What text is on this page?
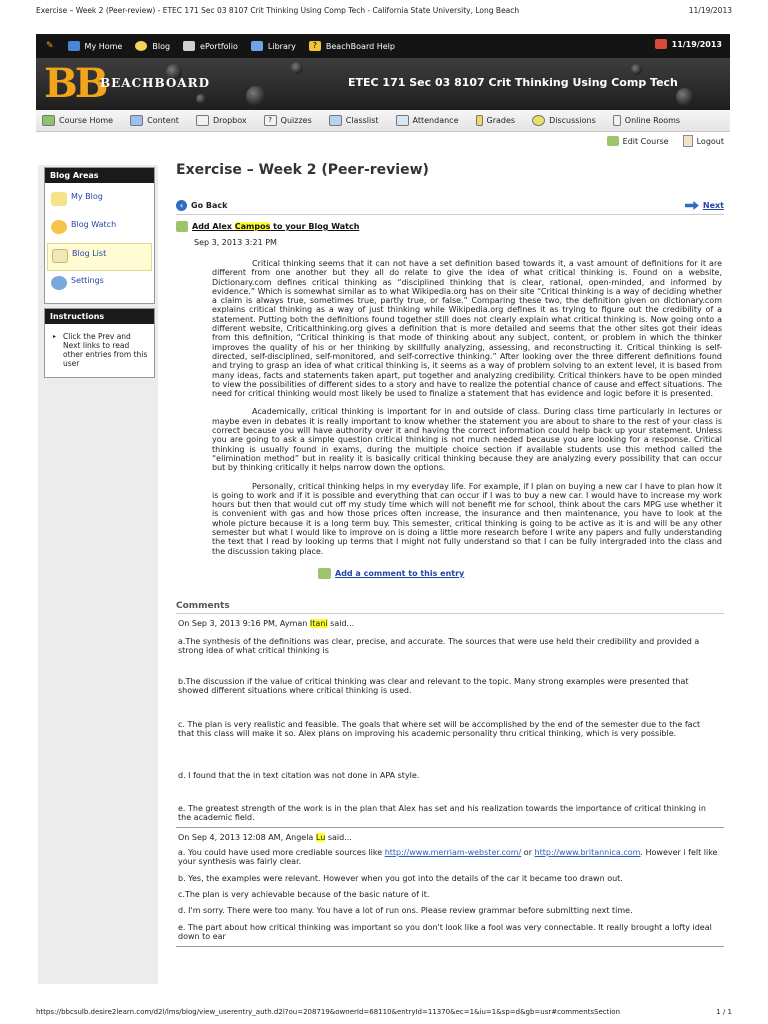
Exercise – Week 2 (Peer-review) - ETEC 171 Sec 03 8107 Crit Thinking Using Comp Tech - California State University, Long Beach	11/19/2013
✎	My Home	Blog	ePortfolio	Library	?	BeachBoard Help	11/19/2013
BB
BEACHBOARD	ETEC 171 Sec 03 8107 Crit Thinking Using Comp Tech
Course Home	Content	Dropbox	?	Quizzes	Classlist	Attendance	Grades	Discussions	Online Rooms
Edit Course	Logout
Blog Areas
My Blog
Blog Watch
Blog List
Settings
Instructions
▸ Click the Prev and Next links to read other entries from this user
Exercise – Week 2 (Peer-review)
‹ Go Back	Next
Add Alex Campos to your Blog Watch
Sep 3, 2013 3:21 PM

Critical thinking seems that it can not have a set definition based towards it, a vast amount of definitions for it are different from one another but they all do relate to give the idea of what critical thinking is. Found on a website, Dictionary.com defines critical thinking as “disciplined thinking that is clear, rational, open-minded, and informed by evidence.” Which is somewhat similar as to what Wikipedia.org has on their site “Critical thinking is a way of deciding whether a claim is always true, sometimes true, partly true, or false.” Comparing these two, the definition given on dictionary.com explains critical thinking as a way of just thinking while Wikipedia.org defines it as trying to figure out the credibility of a statement. Putting both the definitions found together still does not clearly explain what critical thinking is. Now going onto a different website, Criticalthinking.org gives a definition that is more detailed and seems that the other sites got their ideas from this definition, “Critical thinking is that mode of thinking about any subject, content, or problem in which the thinker improves the quality of his or her thinking by skillfully analyzing, assessing, and reconstructing it. Critical thinking is self-directed, self-disciplined, self-monitored, and self-corrective thinking.” After looking over the three different definitions found and trying to grasp an idea of what critical thinking is, it seems as a way of problem solving to an extent level, it is based from many ideas, facts and statements taken apart, put together and analyzing credibility. Critical thinkers have to be open minded to view the possibilities of different sides to a story and have to realize the potential chance of cause and effect situations. The need for critical thinking would most likely be used to finalize a statement that has evidence and logic before it is presented.

Academically, critical thinking is important for in and outside of class. During class time particularly in lectures or maybe even in debates it is really important to know whether the statement you are about to share to the rest of your class is correct because you will have authority over it and having the correct information could help back up your statement. Unless you are going to ask a simple question critical thinking is not much needed because you are looking for a response. Critical thinking is usually found in exams, during the multiple choice section if available students use this method called the “elimination method” but in reality it is basically critical thinking because they are analyzing every possibility that can occur but by thinking critically it helps narrow down the options.

Personally, critical thinking helps in my everyday life. For example, if I plan on buying a new car I have to plan how it is going to work and if it is possible and everything that can occur if I was to buy a new car. I would have to increase my work hours but then that would cut off my study time which will not benefit me for school, think about the cars MPG use whether it is convenient with gas and how those prices often increase, the insurance and then maintenance, you have to look at the whole picture because it is a long term buy. This semester, critical thinking is going to be active as it is and will be any other semester but what I would like to improve on is doing a little more research before I write any papers and fully understanding the text that I read by looking up terms that I might not fully understand so that I can be fully intergraded into the class and the discussion taking place.

Add a comment to this entry
Comments
On Sep 3, 2013 9:16 PM, Ayman Itani said...

a.The synthesis of the definitions was clear, precise, and accurate. The sources that were use held their credibility and provided a strong idea of what critical thinking is

b.The discussion if the value of critical thinking was clear and relevant to the topic. Many strong examples were presented that showed different situations where critical thinking is used.

c. The plan is very realistic and feasible. The goals that where set will be accomplished by the end of the semester due to the fact that this class will make it so. Alex plans on improving his academic personality thru critical thinking, which is very possible.

d. I found that the in text citation was not done in APA style.

e. The greatest strength of the work is in the plan that Alex has set and his realization towards the importance of critical thinking in the academic field.

On Sep 4, 2013 12:08 AM, Angela Lu said...

a. You could have used more crediable sources like http://www.merriam-webster.com/ or http://www.britannica.com. However i felt like your synthesis was fairly clear.

b. Yes, the examples were relevant. However when you got into the details of the car it became too drawn out.

c.The plan is very achievable because of the basic nature of it.

d. I'm sorry. There were too many. You have a lot of run ons. Please review grammar before submitting next time.

e. The part about how critical thinking was important so you don't look like a fool was very connectable. It really brought a lofty ideal down to ear

https://bbcsulb.desire2learn.com/d2l/lms/blog/view_userentry_auth.d2l?ou=208719&ownerId=68110&entryId=11370&ec=1&iu=1&sp=d&gb=usr#commentsSection	1 / 1
